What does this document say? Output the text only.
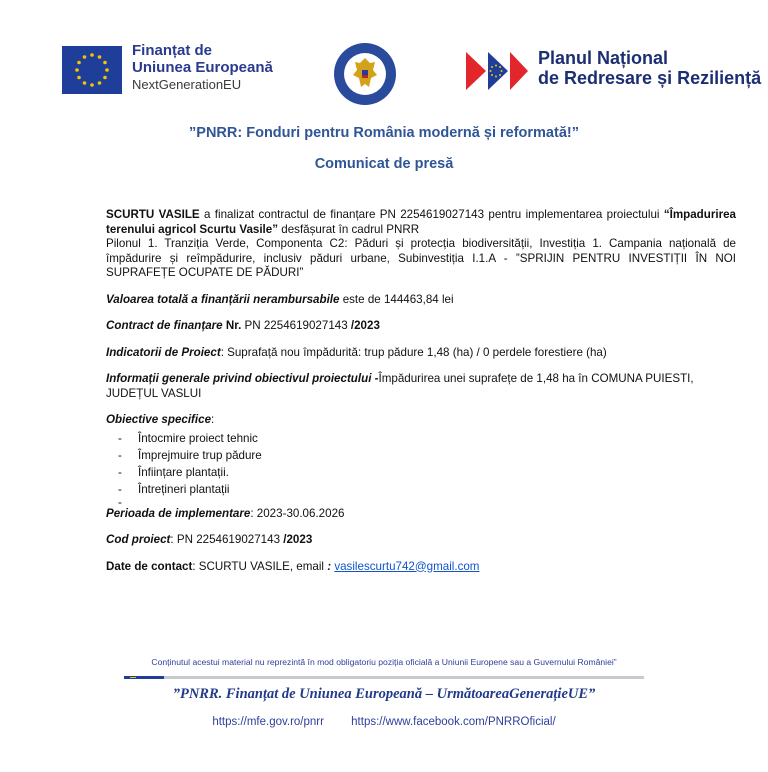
Finanțat de
Uniunea Europeană
NextGenerationEU
Planul Național
de Redresare și Reziliență
”PNRR: Fonduri pentru România modernă și reformată!”
Comunicat de presă

SCURTU VASILE a finalizat contractul de finanțare PN 2254619027143 pentru implementarea proiectului “Împadurirea terenului agricol Scurtu Vasile” desfășurat în cadrul PNRR

Pilonul 1. Tranziția Verde, Componenta C2: Păduri și protecția biodiversității, Investiția 1. Campania națională de împădurire și reîmpădurire, inclusiv păduri urbane, Subinvestiția I.1.A - ”SPRIJIN PENTRU INVESTIȚII ÎN NOI SUPRAFEȚE OCUPATE DE PĂDURI”

Valoarea totală a finanțării nerambursabile este de 144463,84 lei

Contract de finanțare Nr. PN 2254619027143 /2023

Indicatorii de Proiect: Suprafață nou împădurită: trup pădure 1,48 (ha) / 0 perdele forestiere (ha)

Informații generale privind obiectivul proiectului -Împădurirea unei suprafețe de 1,48 ha în COMUNA PUIESTI, JUDEȚUL VASLUI

Obiective specifice:

- Întocmire proiect tehnic
- Împrejmuire trup pădure
- Înființare plantații.
- Întrețineri plantații
-

Perioada de implementare: 2023-30.06.2026

Cod proiect: PN 2254619027143 /2023

Date de contact: SCURTU VASILE, email : vasilescurtu742@gmail.com

Conținutul acestui material nu reprezintă în mod obligatoriu poziția oficială a Uniunii Europene sau a Guvernului României”
”PNRR. Finanțat de Uniunea Europeană – UrmătoareaGenerațieUE”
https://mfe.gov.ro/pnrr https://www.facebook.com/PNRROficial/
